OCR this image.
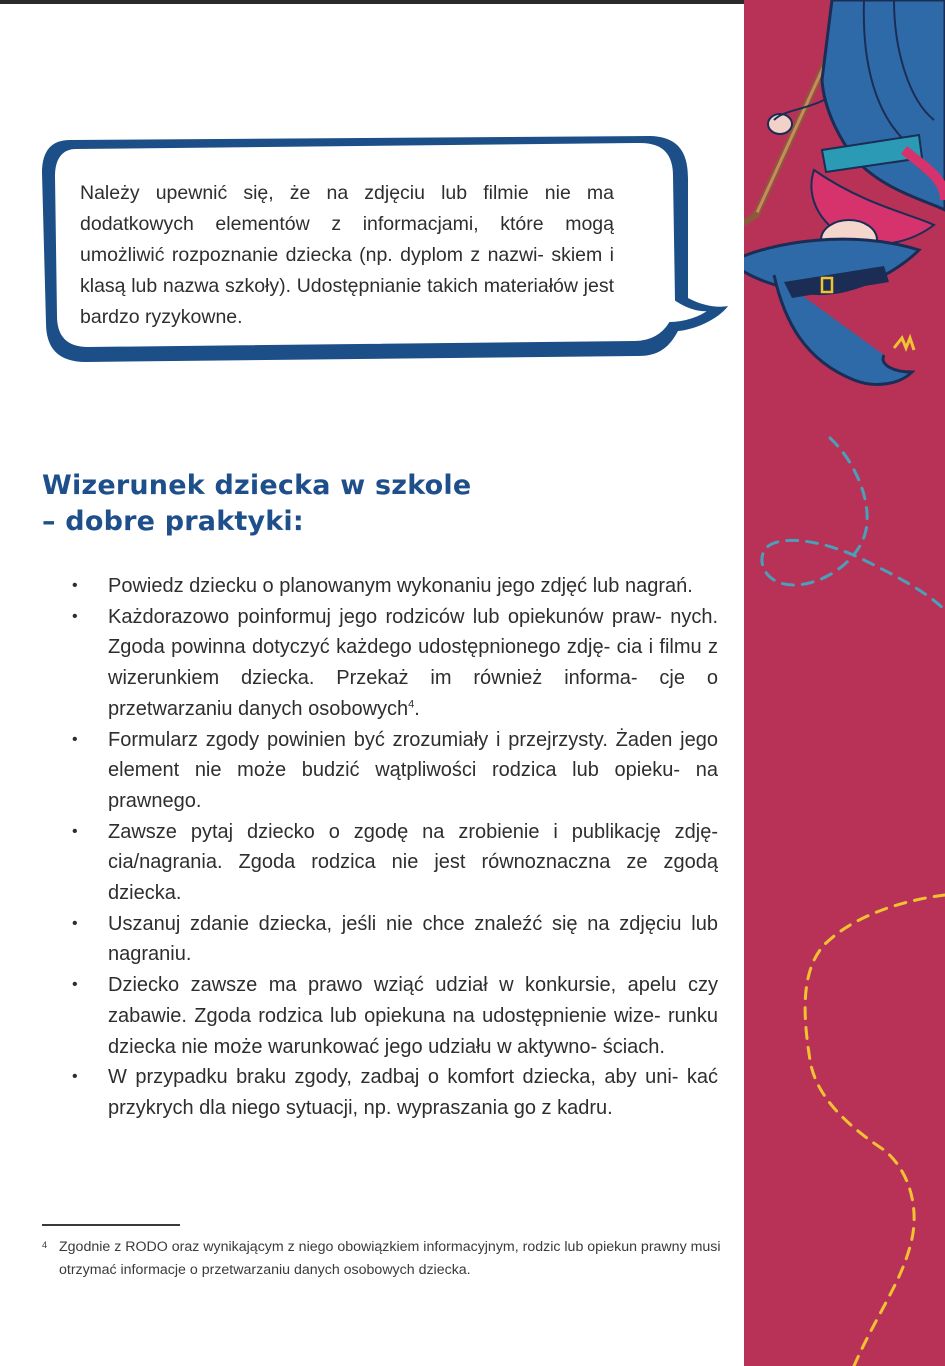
Należy upewnić się, że na zdjęciu lub filmie nie ma dodatkowych elementów z informacjami, które mogą umożliwić rozpoznanie dziecka (np. dyplom z nazwi- skiem i klasą lub nazwa szkoły). Udostępnianie takich materiałów jest bardzo ryzykowne.

Wizerunek dziecka w szkole
– dobre praktyki:
• Powiedz dziecku o planowanym wykonaniu jego zdjęć lub nagrań.
• Każdorazowo poinformuj jego rodziców lub opiekunów praw- nych. Zgoda powinna dotyczyć każdego udostępnionego zdję- cia i filmu z wizerunkiem dziecka. Przekaż im również informa- cje o przetwarzaniu danych osobowych$^4$.
• Formularz zgody powinien być zrozumiały i przejrzysty. Żaden jego element nie może budzić wątpliwości rodzica lub opieku- na prawnego.
• Zawsze pytaj dziecko o zgodę na zrobienie i publikację zdję- cia/nagrania. Zgoda rodzica nie jest równoznaczna ze zgodą dziecka.
• Uszanuj zdanie dziecka, jeśli nie chce znaleźć się na zdjęciu lub nagraniu.
• Dziecko zawsze ma prawo wziąć udział w konkursie, apelu czy zabawie. Zgoda rodzica lub opiekuna na udostępnienie wize- runku dziecka nie może warunkować jego udziału w aktywno- ściach.
• W przypadku braku zgody, zadbaj o komfort dziecka, aby uni- kać przykrych dla niego sytuacji, np. wypraszania go z kadru.

4 Zgodnie z RODO oraz wynikającym z niego obowiązkiem informacyjnym, rodzic lub opiekun prawny musi otrzymać informacje o przetwarzaniu danych osobowych dziecka.
